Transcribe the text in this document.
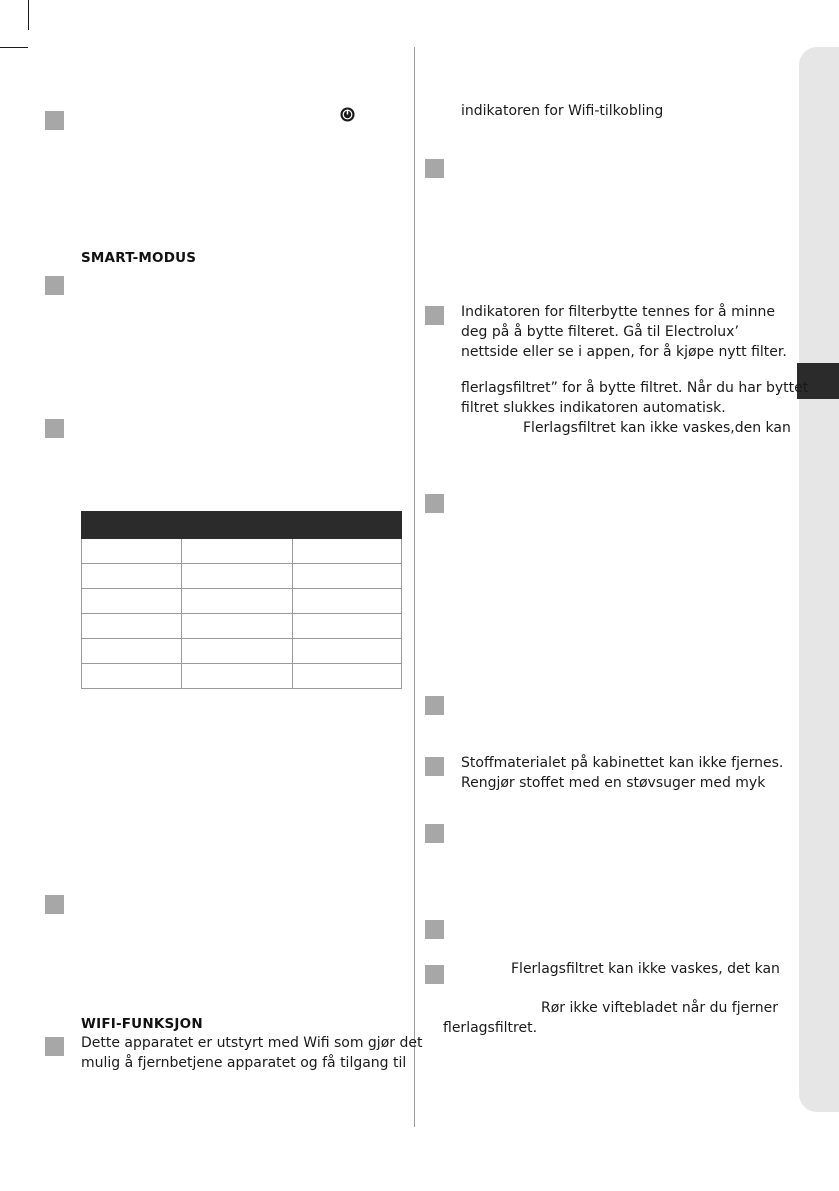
SMART-MODUS

WIFI-FUNKSJON
Dette apparatet er utstyrt med Wifi som gjør det
mulig å fjernbetjene apparatet og få tilgang til
indikatoren for Wifi-tilkobling
Indikatoren for filterbytte tennes for å minne
deg på å bytte filteret. Gå til Electrolux’
nettside eller se i appen, for å kjøpe nytt filter.
flerlagsfiltret” for å bytte filtret. Når du har byttet
filtret slukkes indikatoren automatisk.
Flerlagsfiltret kan ikke vaskes,den kan
Stoffmaterialet på kabinettet kan ikke fjernes.
Rengjør stoffet med en støvsuger med myk
Flerlagsfiltret kan ikke vaskes, det kan
Rør ikke viftebladet når du fjerner
flerlagsfiltret.
